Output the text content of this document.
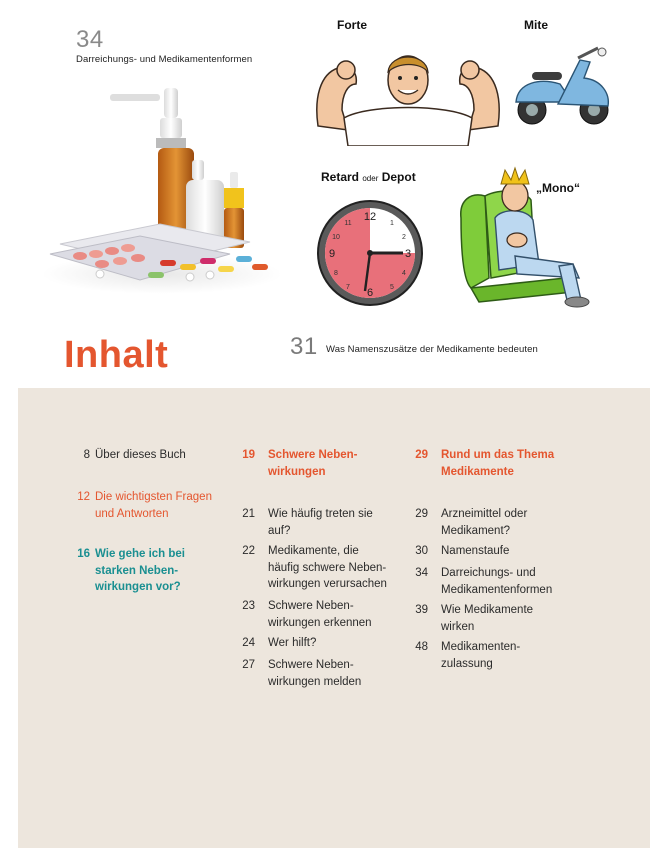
34
Darreichungs- und Medikamentenformen
Forte	Mite
Retard oder Depot
„Mono“
12
3
6
9
1
2
4
5
7
8
10
11
Inhalt	31 Was Namenszusätze der Medikamente bedeuten
8 Über dieses Buch
12 Die wichtigsten Fragen
und Antworten
16 Wie gehe ich bei
starken Neben-
wirkungen vor?
19 Schwere Neben-
wirkungen
21 Wie häufig treten sie
auf?
22 Medikamente, die
häufig schwere Neben-
wirkungen verursachen
23 Schwere Neben-
wirkungen erkennen
24 Wer hilft?
27 Schwere Neben-
wirkungen melden
29 Rund um das Thema
Medikamente
29 Arzneimittel oder
Medikament?
30 Namenstaufe
34 Darreichungs- und
Medikamentenformen
39 Wie Medikamente
wirken
48 Medikamenten-
zulassung
